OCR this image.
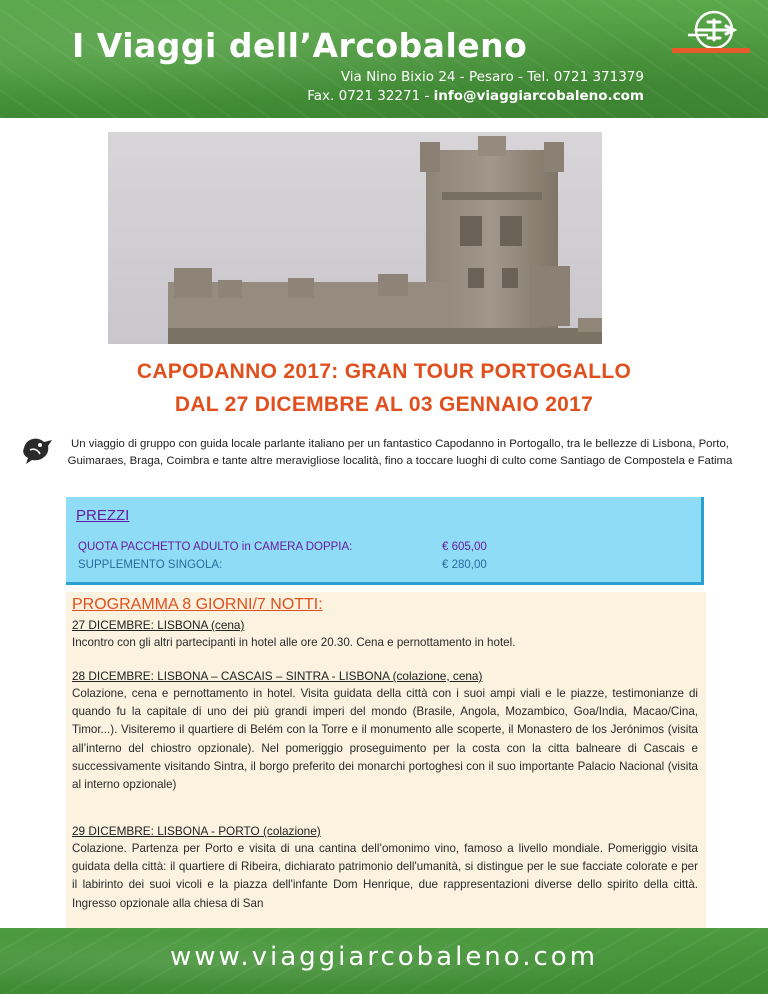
I Viaggi dell’Arcobaleno
Via Nino Bixio 24 - Pesaro - Tel. 0721 371379
Fax. 0721 32271 - info@viaggiarcobaleno.com
CAPODANNO 2017: GRAN TOUR PORTOGALLO
DAL 27 DICEMBRE AL 03 GENNAIO 2017

Un viaggio di gruppo con guida locale parlante italiano per un fantastico Capodanno in Portogallo, tra le bellezze di Lisbona, Porto, Guimaraes, Braga, Coimbra e tante altre meravigliose località, fino a toccare luoghi di culto come Santiago de Compostela e Fatima

PREZZI
QUOTA PACCHETTO ADULTO in CAMERA DOPPIA:	€ 605,00
SUPPLEMENTO SINGOLA:	€ 280,00
PROGRAMMA 8 GIORNI/7 NOTTI:
27 DICEMBRE: LISBONA (cena)

Incontro con gli altri partecipanti in hotel alle ore 20.30. Cena e pernottamento in hotel.

28 DICEMBRE: LISBONA – CASCAIS – SINTRA - LISBONA (colazione, cena)

Colazione, cena e pernottamento in hotel. Visita guidata della città con i suoi ampi viali e le piazze, testimonianze di quando fu la capitale di uno dei più grandi imperi del mondo (Brasile, Angola, Mozambico, Goa/India, Macao/Cina, Timor...). Visiteremo il quartiere di Belém con la Torre e il monumento alle scoperte, il Monastero de los Jerónimos (visita all’interno del chiostro opzionale). Nel pomeriggio proseguimento per la costa con la citta balneare di Cascais e successivamente visitando Sintra, il borgo preferito dei monarchi portoghesi con il suo importante Palacio Nacional (visita al interno opzionale)

29 DICEMBRE: LISBONA - PORTO (colazione)

Colazione. Partenza per Porto e visita di una cantina dell’omonimo vino, famoso a livello mondiale. Pomeriggio visita guidata della città: il quartiere di Ribeira, dichiarato patrimonio dell'umanità, si distingue per le sue facciate colorate e per il labirinto dei suoi vicoli e la piazza dell'infante Dom Henrique, due rappresentazioni diverse dello spirito della città. Ingresso opzionale alla chiesa di San

www.viaggiarcobaleno.com
